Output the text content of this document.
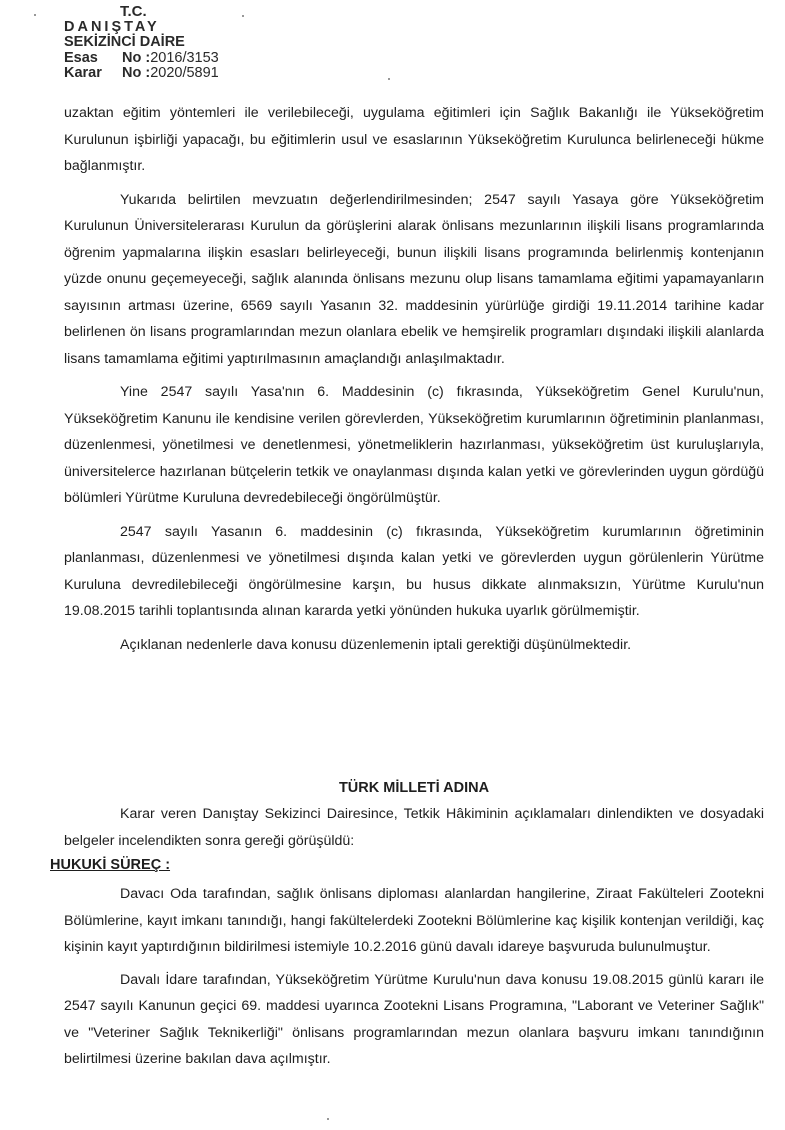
T.C.
DANIŞTAY
SEKİZİNCİ DAİRE
Esas	No : 2016/3153
Karar	No : 2020/5891

uzaktan eğitim yöntemleri ile verilebileceği, uygulama eğitimleri için Sağlık Bakanlığı ile Yükseköğretim Kurulunun işbirliği yapacağı, bu eğitimlerin usul ve esaslarının Yükseköğretim Kurulunca belirleneceği hükme bağlanmıştır.

Yukarıda belirtilen mevzuatın değerlendirilmesinden; 2547 sayılı Yasaya göre Yükseköğretim Kurulunun Üniversitelerarası Kurulun da görüşlerini alarak önlisans mezunlarının ilişkili lisans programlarında öğrenim yapmalarına ilişkin esasları belirleyeceği, bunun ilişkili lisans programında belirlenmiş kontenjanın yüzde onunu geçemeyeceği, sağlık alanında önlisans mezunu olup lisans tamamlama eğitimi yapamayanların sayısının artması üzerine, 6569 sayılı Yasanın 32. maddesinin yürürlüğe girdiği 19.11.2014 tarihine kadar belirlenen ön lisans programlarından mezun olanlara ebelik ve hemşirelik programları dışındaki ilişkili alanlarda lisans tamamlama eğitimi yaptırılmasının amaçlandığı anlaşılmaktadır.

Yine 2547 sayılı Yasa'nın 6. Maddesinin (c) fıkrasında, Yükseköğretim Genel Kurulu'nun, Yükseköğretim Kanunu ile kendisine verilen görevlerden, Yükseköğretim kurumlarının öğretiminin planlanması, düzenlenmesi, yönetilmesi ve denetlenmesi, yönetmeliklerin hazırlanması, yükseköğretim üst kuruluşlarıyla, üniversitelerce hazırlanan bütçelerin tetkik ve onaylanması dışında kalan yetki ve görevlerinden uygun gördüğü bölümleri Yürütme Kuruluna devredebileceği öngörülmüştür.

2547 sayılı Yasanın 6. maddesinin (c) fıkrasında, Yükseköğretim kurumlarının öğretiminin planlanması, düzenlenmesi ve yönetilmesi dışında kalan yetki ve görevlerden uygun görülenlerin Yürütme Kuruluna devredilebileceği öngörülmesine karşın, bu husus dikkate alınmaksızın, Yürütme Kurulu'nun 19.08.2015 tarihli toplantısında alınan kararda yetki yönünden hukuka uyarlık görülmemiştir.

Açıklanan nedenlerle dava konusu düzenlemenin iptali gerektiği düşünülmektedir.

TÜRK MİLLETİ ADINA

Karar veren Danıştay Sekizinci Dairesince, Tetkik Hâkiminin açıklamaları dinlendikten ve dosyadaki belgeler incelendikten sonra gereği görüşüldü:

HUKUKİ SÜREÇ :

Davacı Oda tarafından, sağlık önlisans diploması alanlardan hangilerine, Ziraat Fakülteleri Zootekni Bölümlerine, kayıt imkanı tanındığı, hangi fakültelerdeki Zootekni Bölümlerine kaç kişilik kontenjan verildiği, kaç kişinin kayıt yaptırdığının bildirilmesi istemiyle 10.2.2016 günü davalı idareye başvuruda bulunulmuştur.

Davalı İdare tarafından, Yükseköğretim Yürütme Kurulu'nun dava konusu 19.08.2015 günlü kararı ile 2547 sayılı Kanunun geçici 69. maddesi uyarınca Zootekni Lisans Programına, "Laborant ve Veteriner Sağlık" ve "Veteriner Sağlık Teknikerliği" önlisans programlarından mezun olanlara başvuru imkanı tanındığının belirtilmesi üzerine bakılan dava açılmıştır.
